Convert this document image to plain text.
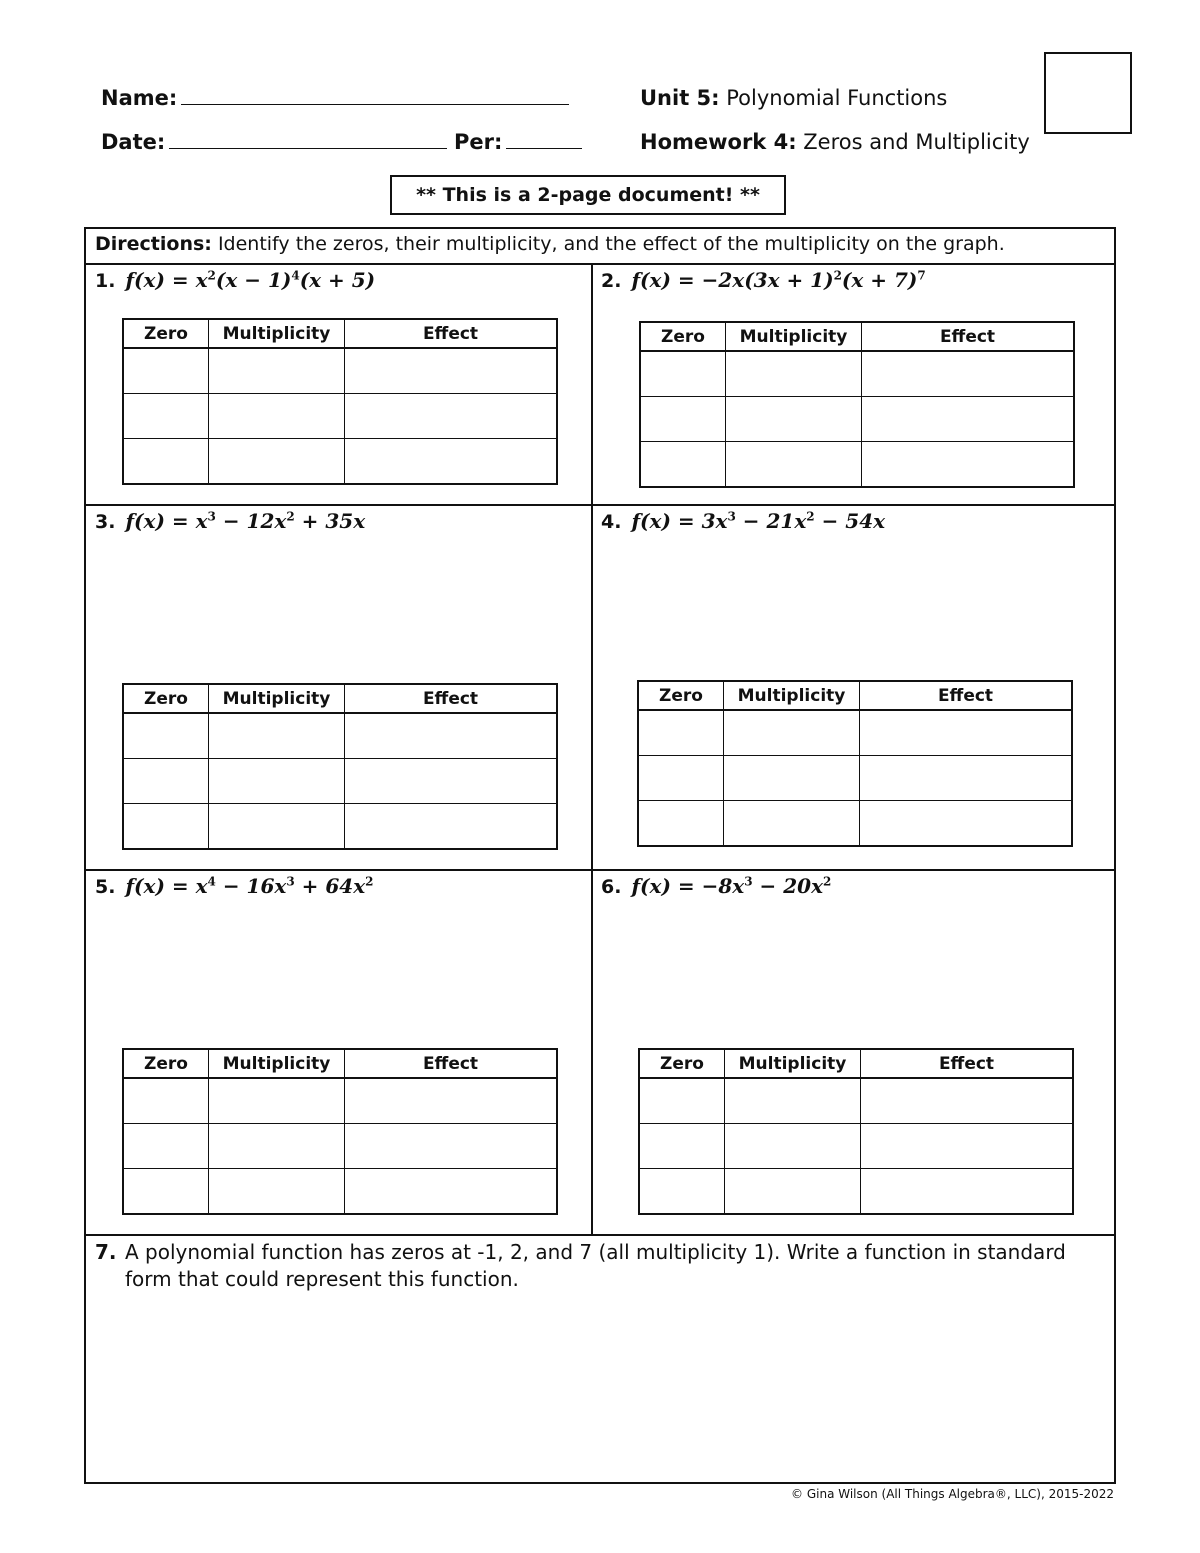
Name:
Date:	Per:
Unit 5: Polynomial Functions
Homework 4: Zeros and Multiplicity
** This is a 2-page document! **
Directions: Identify the zeros, their multiplicity, and the effect of the multiplicity on the graph.
1. $f(x) = x^2(x - 1)^4(x + 5)$	2. $f(x) = -2x(3x + 1)^2(x + 7)^7$
3. $f(x) = x^3 - 12x^2 + 35x$	4. $f(x) = 3x^3 - 21x^2 - 54x$
5. $f(x) = x^4 - 16x^3 + 64x^2$	6. $f(x) = -8x^3 - 20x^2$
Zero	Multiplicity	Effect

			Zero	Multiplicity	Effect

Zero	Multiplicity	Effect

			Zero	Multiplicity	Effect

Zero	Multiplicity	Effect

			Zero	Multiplicity	Effect

7. A polynomial function has zeros at -1, 2, and 7 (all multiplicity 1). Write a function in standard form that could represent this function.
© Gina Wilson (All Things Algebra®, LLC), 2015-2022
